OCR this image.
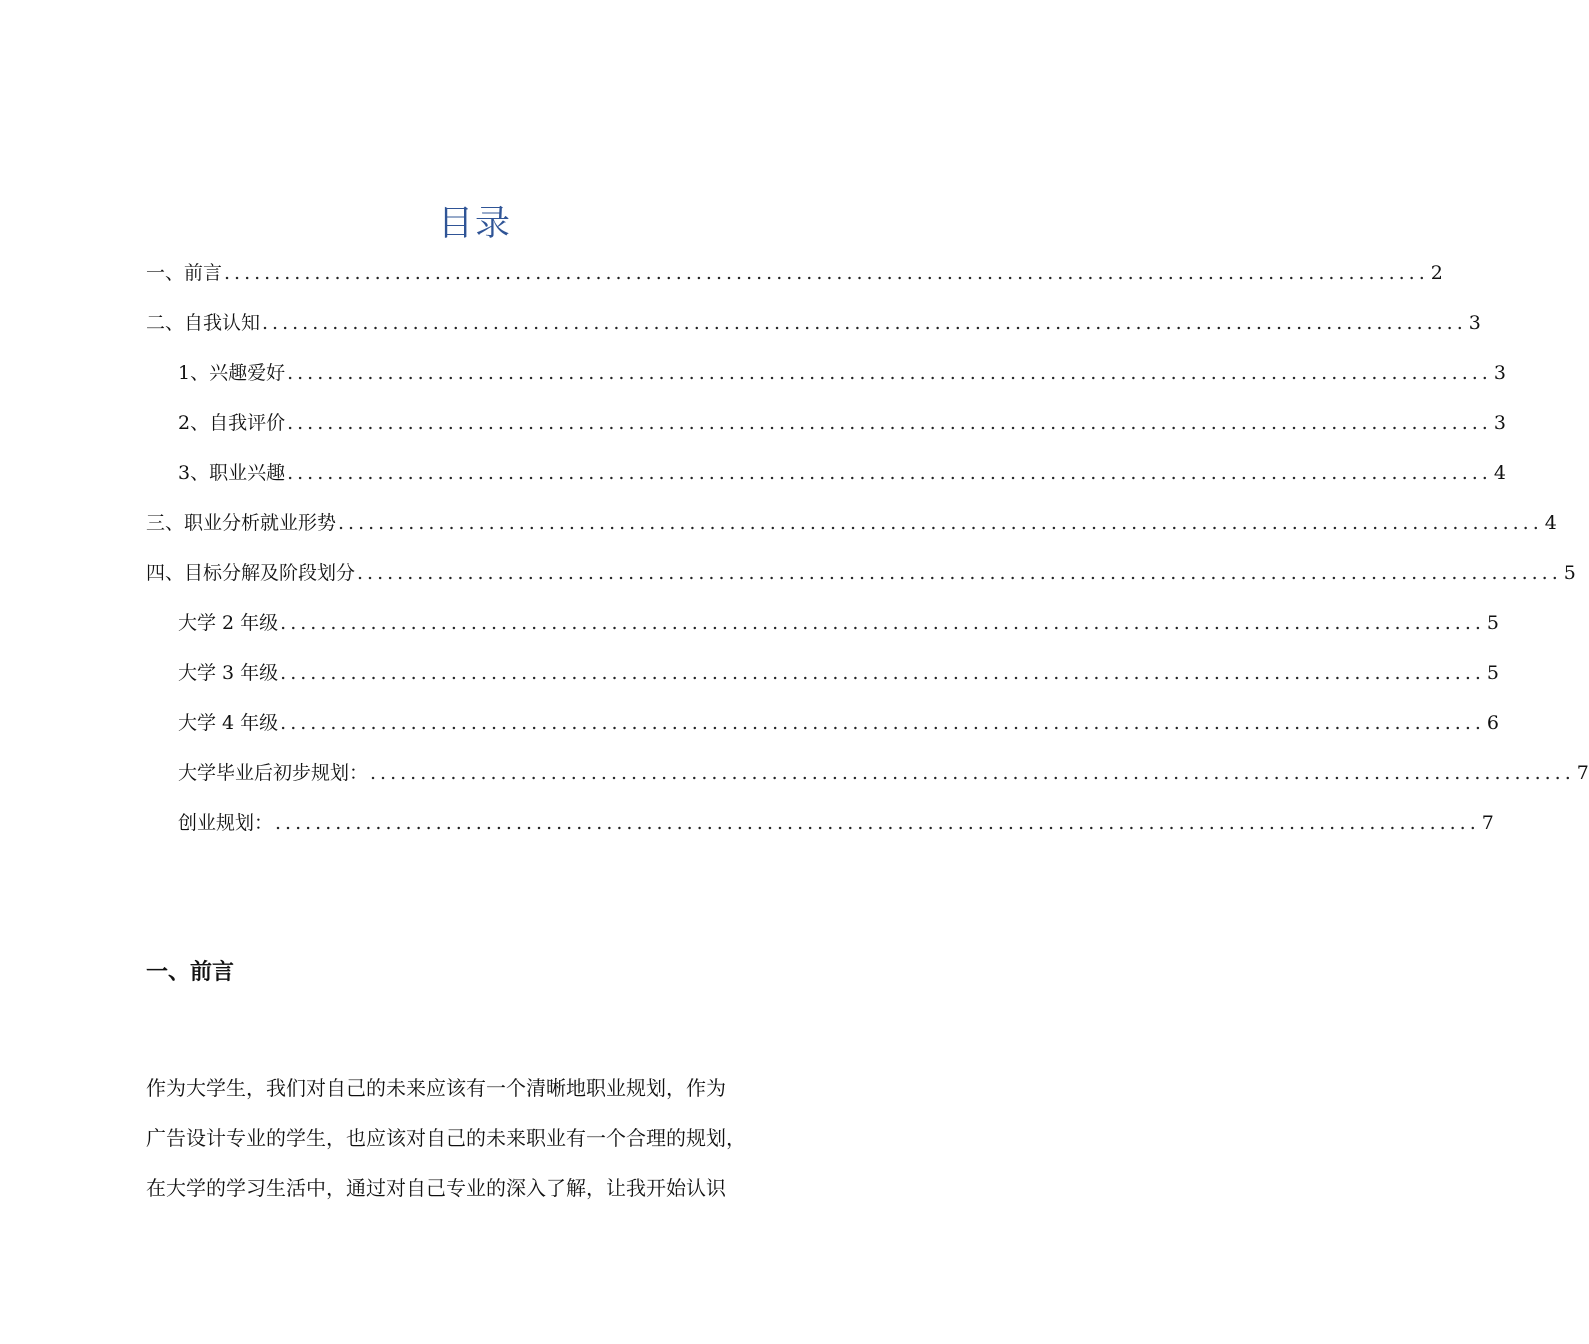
目录
一、前言 ........................................................................................................................ 2
二、自我认知 ........................................................................................................................ 3
1、兴趣爱好 ........................................................................................................................ 3
2、自我评价 ........................................................................................................................ 3
3、职业兴趣 ........................................................................................................................ 4
三、职业分析就业形势 ........................................................................................................................ 4
四、目标分解及阶段划分 ........................................................................................................................ 5
大学 2 年级 ........................................................................................................................ 5
大学 3 年级 ........................................................................................................................ 5
大学 4 年级 ........................................................................................................................ 6
大学毕业后初步规划： ........................................................................................................................ 7
创业规划： ........................................................................................................................ 7
一、前言
作为大学生，我们对自己的未来应该有一个清晰地职业规划，作为
广告设计专业的学生，也应该对自己的未来职业有一个合理的规划，
在大学的学习生活中，通过对自己专业的深入了解，让我开始认识
